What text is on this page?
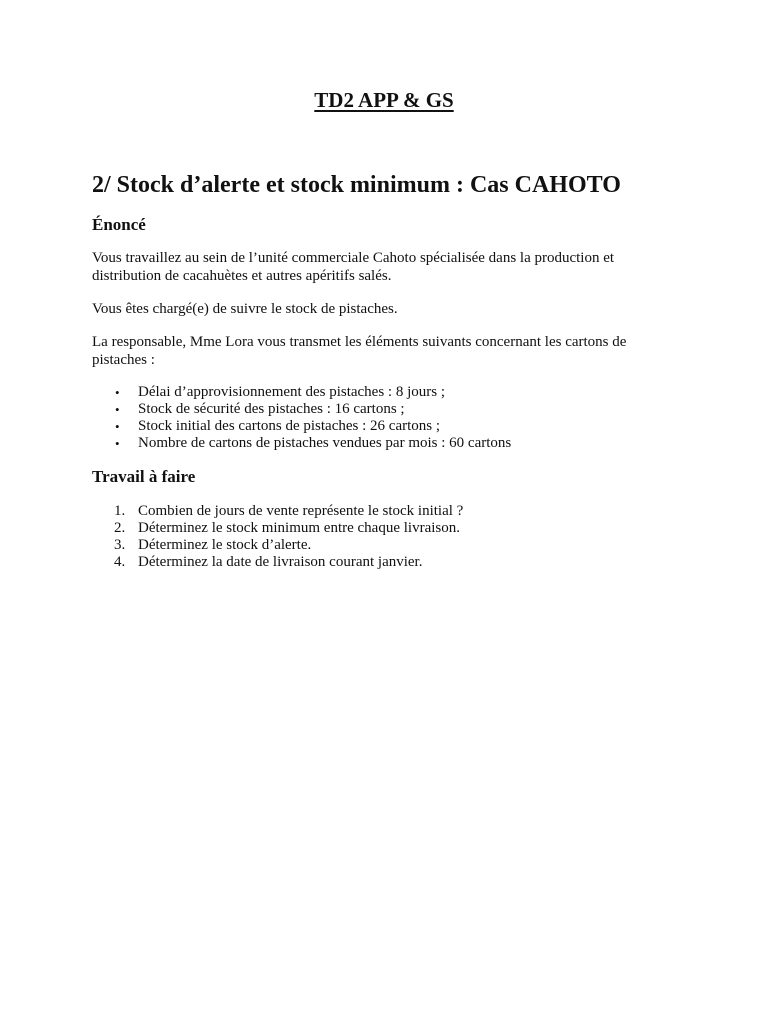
TD2 APP & GS
2/ Stock d’alerte et stock minimum : Cas CAHOTO
Énoncé
Vous travaillez au sein de l’unité commerciale Cahoto spécialisée dans la production et distribution de cacahuètes et autres apéritifs salés.
Vous êtes chargé(e) de suivre le stock de pistaches.
La responsable, Mme Lora vous transmet les éléments suivants concernant les cartons de pistaches :
•	Délai d’approvisionnement des pistaches : 8 jours ;
•	Stock de sécurité des pistaches : 16 cartons ;
•	Stock initial des cartons de pistaches : 26 cartons ;
•	Nombre de cartons de pistaches vendues par mois : 60 cartons
Travail à faire
1. Combien de jours de vente représente le stock initial ?
2. Déterminez le stock minimum entre chaque livraison.
3. Déterminez le stock d’alerte.
4. Déterminez la date de livraison courant janvier.
